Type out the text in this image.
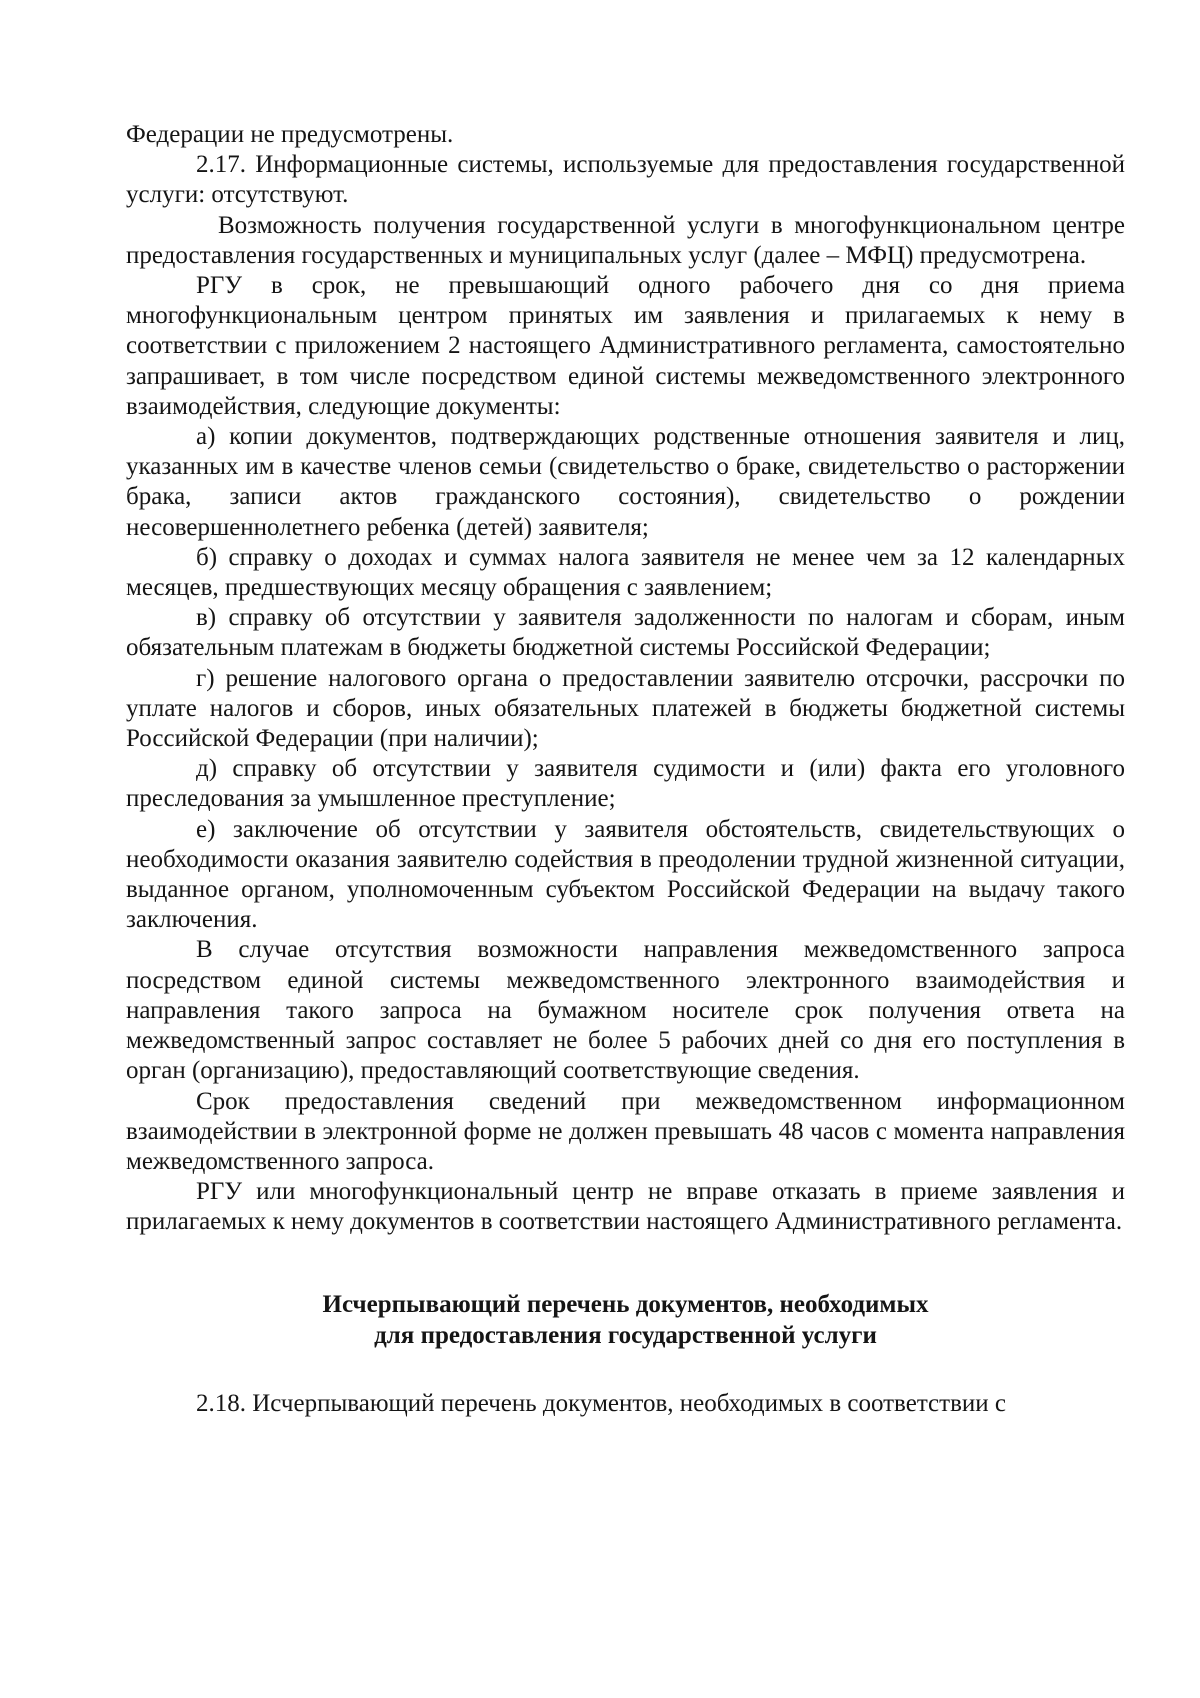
Федерации не предусмотрены.

2.17. Информационные системы, используемые для предоставления государственной услуги: отсутствуют.

Возможность получения государственной услуги в многофункциональном центре предоставления государственных и муниципальных услуг (далее – МФЦ) предусмотрена.

РГУ в срок, не превышающий одного рабочего дня со дня приема многофункциональным центром принятых им заявления и прилагаемых к нему в соответствии с приложением 2 настоящего Административного регламента, самостоятельно запрашивает, в том числе посредством единой системы межведомственного электронного взаимодействия, следующие документы:

а) копии документов, подтверждающих родственные отношения заявителя и лиц, указанных им в качестве членов семьи (свидетельство о браке, свидетельство о расторжении брака, записи актов гражданского состояния), свидетельство о рождении несовершеннолетнего ребенка (детей) заявителя;

б) справку о доходах и суммах налога заявителя не менее чем за 12 календарных месяцев, предшествующих месяцу обращения с заявлением;

в) справку об отсутствии у заявителя задолженности по налогам и сборам, иным обязательным платежам в бюджеты бюджетной системы Российской Федерации;

г) решение налогового органа о предоставлении заявителю отсрочки, рассрочки по уплате налогов и сборов, иных обязательных платежей в бюджеты бюджетной системы Российской Федерации (при наличии);

д) справку об отсутствии у заявителя судимости и (или) факта его уголовного преследования за умышленное преступление;

е) заключение об отсутствии у заявителя обстоятельств, свидетельствующих о необходимости оказания заявителю содействия в преодолении трудной жизненной ситуации, выданное органом, уполномоченным субъектом Российской Федерации на выдачу такого заключения.

В случае отсутствия возможности направления межведомственного запроса посредством единой системы межведомственного электронного взаимодействия и направления такого запроса на бумажном носителе срок получения ответа на межведомственный запрос составляет не более 5 рабочих дней со дня его поступления в орган (организацию), предоставляющий соответствующие сведения.

Срок предоставления сведений при межведомственном информационном взаимодействии в электронной форме не должен превышать 48 часов с момента направления межведомственного запроса.

РГУ или многофункциональный центр не вправе отказать в приеме заявления и прилагаемых к нему документов в соответствии настоящего Административного регламента.

Исчерпывающий перечень документов, необходимых
для предоставления государственной услуги

2.18. Исчерпывающий перечень документов, необходимых в соответствии с
